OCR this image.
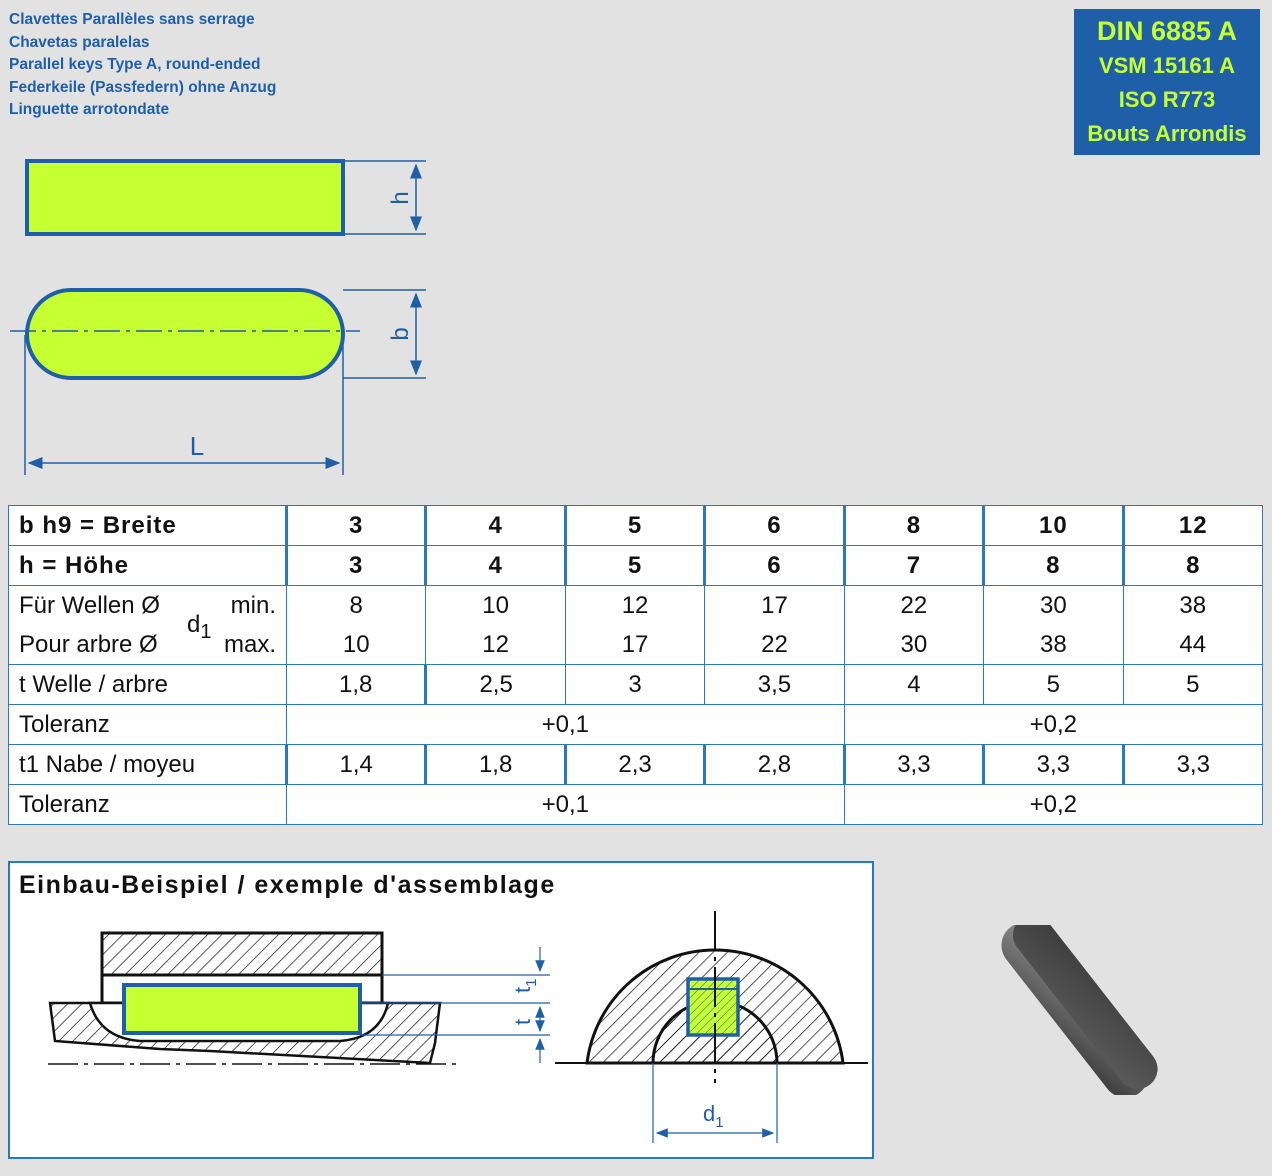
Clavettes Parallèles sans serrage
Chavetas paralelas
Parallel keys Type A, round-ended
Federkeile (Passfedern) ohne Anzug
Linguette arrotondate
DIN 6885 A
VSM 15161 A
ISO R773
Bouts Arrondis
h
b
L
b h9 = Breite	3	4	5	6	8	10	12
h = Höhe	3	4	5	6	7	8	8
Für Wellen Ø min.	8	10	12	17	22	30	38
Pour arbre Ø
$d_1$ max.	10	12	17	22	30	38	44
t Welle / arbre	1,8	2,5	3	3,5	4	5	5
Toleranz	+0,1				+0,2		
t1 Nabe / moyeu	1,4	1,8	2,3	2,8	3,3	3,3	3,3
Toleranz	+0,1				+0,2		
Einbau-Beispiel / exemple d'assemblage
$t_1$
t
$d_1$
